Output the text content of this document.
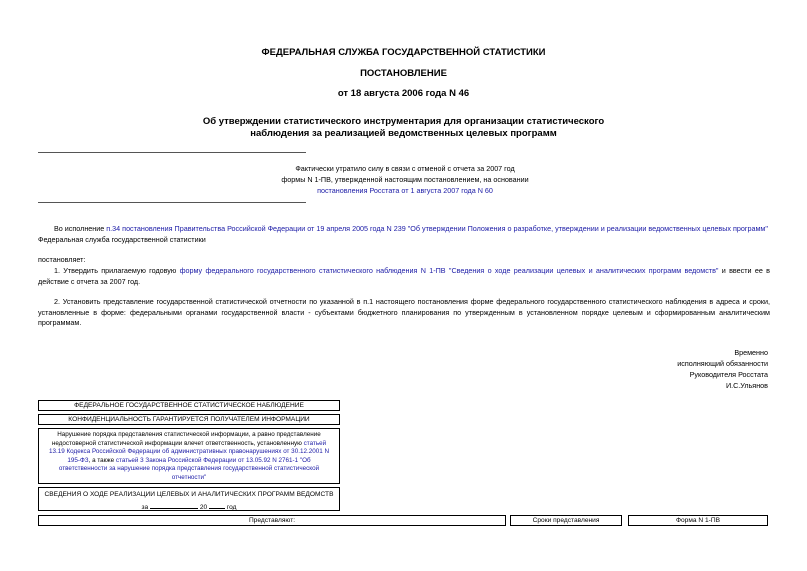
ФЕДЕРАЛЬНАЯ СЛУЖБА ГОСУДАРСТВЕННОЙ СТАТИСТИКИ
ПОСТАНОВЛЕНИЕ
от 18 августа 2006 года N 46
Об утверждении статистического инструментария для организации статистического
наблюдения за реализацией ведомственных целевых программ
Фактически утратило силу в связи с отменой с отчета за 2007 год
формы N 1-ПВ, утвержденной настоящим постановлением, на основании
постановления Росстата от 1 августа 2007 года N 60
Во исполнение п.34 постановления Правительства Российской Федерации от 19 апреля 2005 года N 239 "Об утверждении Положения о разработке, утверждении и реализации ведомственных целевых программ"
Федеральная служба государственной статистики
постановляет:
1. Утвердить прилагаемую годовую форму федерального государственного статистического наблюдения N 1-ПВ "Сведения о ходе реализации целевых и аналитических программ ведомств" и ввести ее в действие с отчета за 2007 год.
2. Установить представление государственной статистической отчетности по указанной в п.1 настоящего постановления форме федерального государственного статистического наблюдения в адреса и сроки, установленные в форме: федеральными органами государственной власти - субъектами бюджетного планирования по утвержденным в установленном порядке целевым и сформированным аналитическим программам.
Временно
исполняющий обязанности
Руководителя Росстата
И.С.Ульянов
ФЕДЕРАЛЬНОЕ ГОСУДАРСТВЕННОЕ СТАТИСТИЧЕСКОЕ НАБЛЮДЕНИЕ
КОНФИДЕНЦИАЛЬНОСТЬ ГАРАНТИРУЕТСЯ ПОЛУЧАТЕЛЕМ ИНФОРМАЦИИ
Нарушение порядка представления статистической информации, а равно представление недостоверной статистической информации влечет ответственность, установленную статьей 13.19 Кодекса Российской Федерации об административных правонарушениях от 30.12.2001 N 195-ФЗ, а также статьей 3 Закона Российской Федерации от 13.05.92 N 2761-1 "Об ответственности за нарушение порядка представления государственной статистической отчетности"
СВЕДЕНИЯ О ХОДЕ РЕАЛИЗАЦИИ ЦЕЛЕВЫХ И АНАЛИТИЧЕСКИХ ПРОГРАММ ВЕДОМСТВ
за	20	год
Представляют:	Сроки представления	Форма N 1-ПВ
